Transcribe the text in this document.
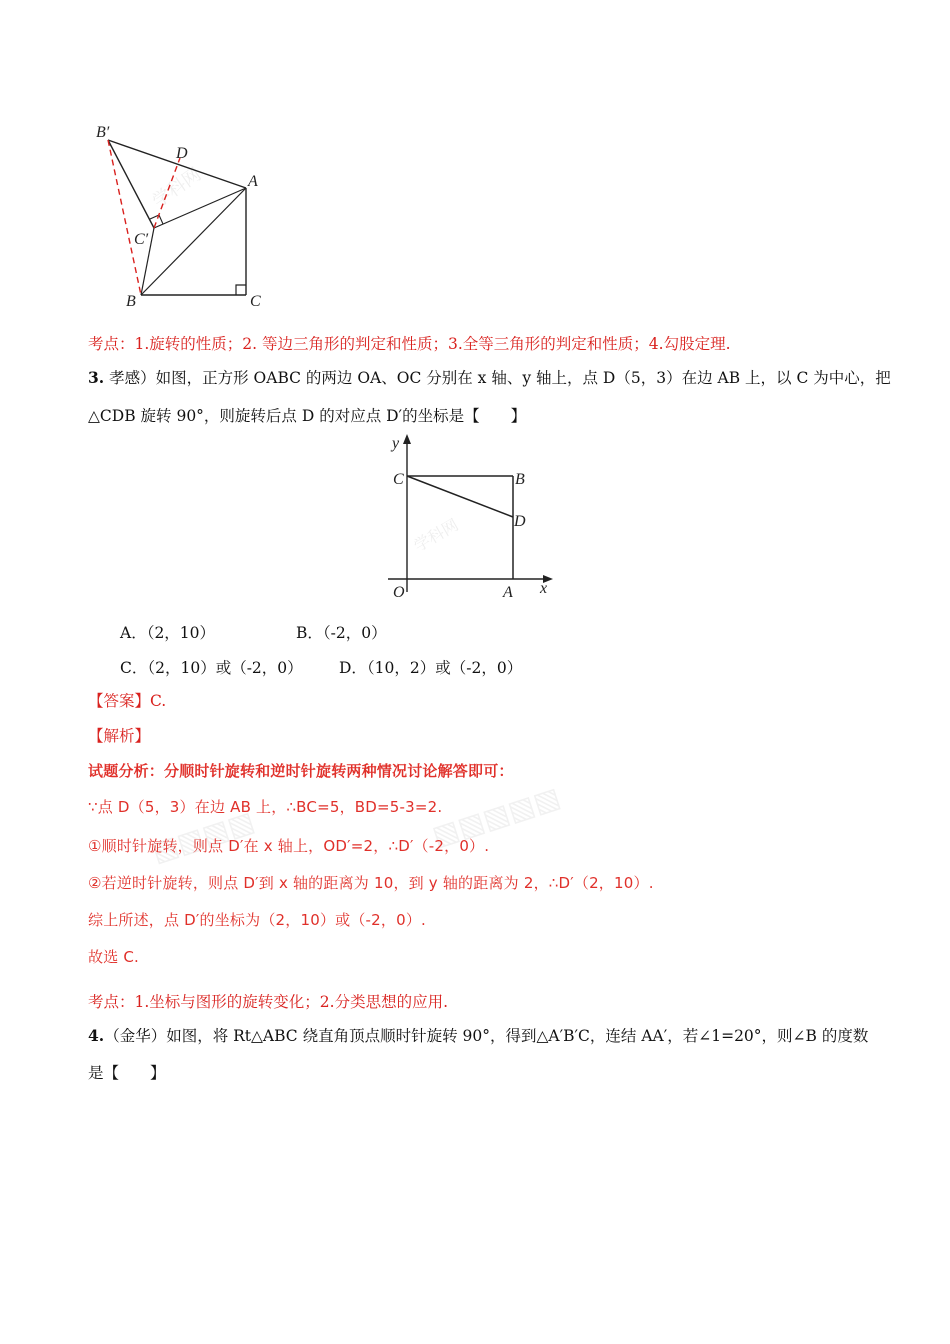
学科网
B′
D
A
C′
B	C
考点：1.旋转的性质；2. 等边三角形的判定和性质；3.全等三角形的判定和性质；4.勾股定理.
3. 孝感）如图，正方形 OABC 的两边 OA、OC 分别在 x 轴、y 轴上，点 D（5，3）在边 AB 上，以 C 为中心，把
△CDB 旋转 90°，则旋转后点 D 的对应点 D′的坐标是【　　】
学科网
y
x
C	B
D
O	A
A．（2，10）	B．（-2，0）
C．（2，10）或（-2，0） D．（10，2）或（-2，0）
【答案】C.
【解析】
▧▧▧▧	▧▧▧▧▧
试题分析：分顺时针旋转和逆时针旋转两种情况讨论解答即可：
∵点 D（5，3）在边 AB 上，∴BC=5，BD=5-3=2.
①顺时针旋转，则点 D′在 x 轴上，OD′=2，∴D′（-2，0）.
②若逆时针旋转，则点 D′到 x 轴的距离为 10，到 y 轴的距离为 2，∴D′（2，10）.
综上所述，点 D′的坐标为（2，10）或（-2，0）.
故选 C.
考点：1.坐标与图形的旋转变化；2.分类思想的应用.
4.（金华）如图，将 Rt△ABC 绕直角顶点顺时针旋转 90°，得到△A′B′C，连结 AA′，若∠1=20°，则∠B 的度数
是【　　】
